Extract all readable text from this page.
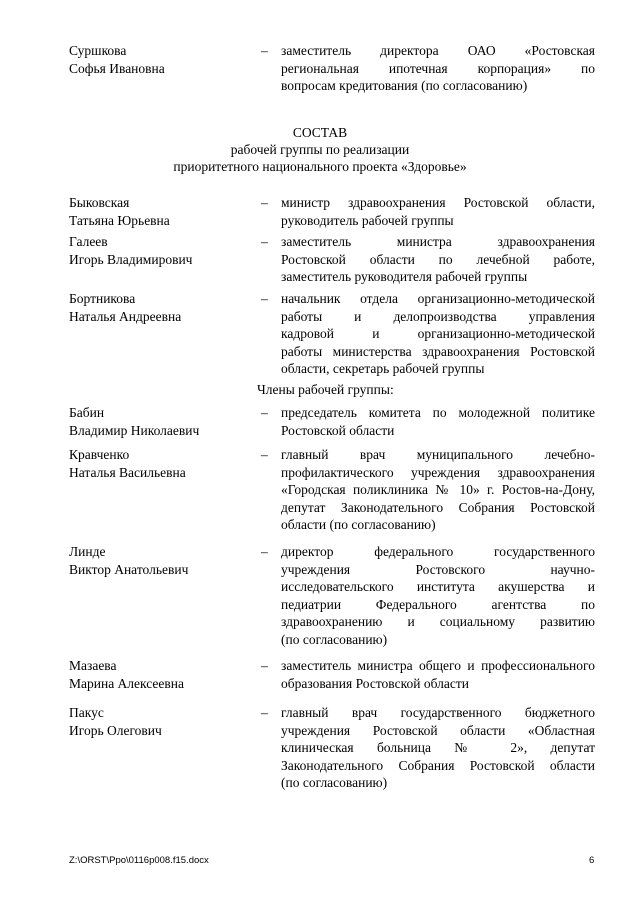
Суршкова
Софья Ивановна
– заместитель директора ОАО «Ростовская
региональная ипотечная корпорация» по
вопросам кредитования (по согласованию)
СОСТАВ
рабочей группы по реализации
приоритетного национального проекта «Здоровье»
Быковская
Татьяна Юрьевна
– министр здравоохранения Ростовской области,
руководитель рабочей группы
Галеев
Игорь Владимирович
– заместитель министра здравоохранения
Ростовской области по лечебной работе,
заместитель руководителя рабочей группы
Бортникова
Наталья Андреевна
– начальник отдела организационно-методической
работы и делопроизводства управления
кадровой и организационно-методической
работы министерства здравоохранения Ростовской
области, секретарь рабочей группы
Члены рабочей группы:
Бабин
Владимир Николаевич
– председатель комитета по молодежной политике
Ростовской области
Кравченко
Наталья Васильевна
– главный врач муниципального лечебно-
профилактического учреждения здравоохранения
«Городская поликлиника № 10» г. Ростов-на-Дону,
депутат Законодательного Собрания Ростовской
области (по согласованию)
Линде
Виктор Анатольевич
– директор федерального государственного
учреждения Ростовского научно-
исследовательского института акушерства и
педиатрии Федерального агентства по
здравоохранению и социальному развитию
(по согласованию)
Мазаева
Марина Алексеевна
– заместитель министра общего и профессионального
образования Ростовской области
Пакус
Игорь Олегович
– главный врач государственного бюджетного
учреждения Ростовской области «Областная
клиническая больница № 2», депутат
Законодательного Собрания Ростовской области
(по согласованию)
Z:\ORST\Ppo\0116p008.f15.docx	6
